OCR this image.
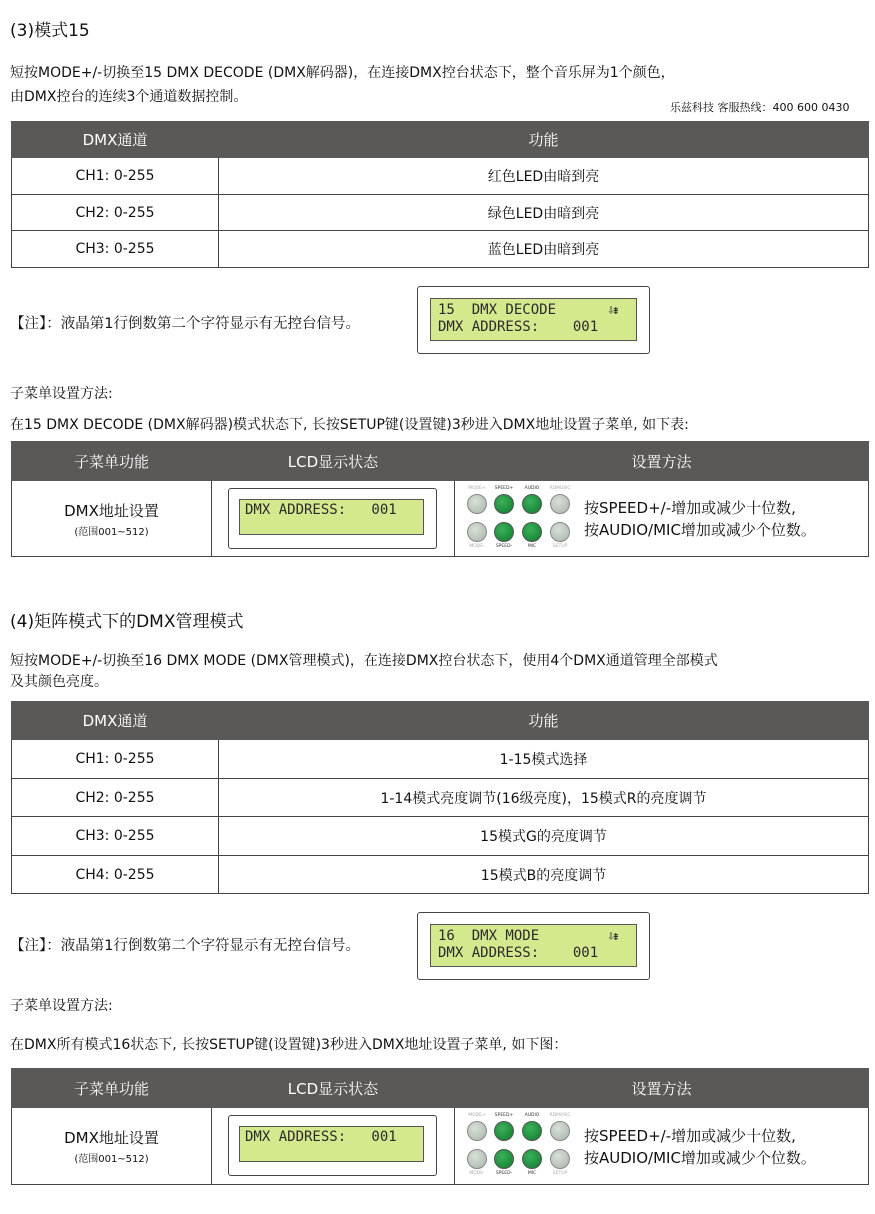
(3)模式15
短按MODE+/-切换至15 DMX DECODE (DMX解码器)，在连接DMX控台状态下，整个音乐屏为1个颜色，
由DMX控台的连续3个通道数据控制。
乐兹科技 客服热线：400 600 0430
DMX通道	功能
CH1: 0-255	红色LED由暗到亮
CH2: 0-255	绿色LED由暗到亮
CH3: 0-255	蓝色LED由暗到亮
【注】：液晶第1行倒数第二个字符显示有无控台信号。

15  DMX DECODE

	⇩⇟

DMX ADDRESS:    001

子菜单设置方法:
在15 DMX DECODE (DMX解码器)模式状态下, 长按SETUP键(设置键)3秒进入DMX地址设置子菜单, 如下表:
子菜单功能	LCD显示状态	设置方法

DMX地址设置
(范围001~512)		

DMX ADDRESS:   001

MODE+	SPEED+	AUDIO	RDMUSIC
MODE-	SPEED-	MIC	SETUP
按SPEED+/-增加或减少十位数,
按AUDIO/MIC增加或减少个位数。
(4)矩阵模式下的DMX管理模式
短按MODE+/-切换至16 DMX MODE (DMX管理模式)，在连接DMX控台状态下，使用4个DMX通道管理全部模式
及其颜色亮度。
DMX通道	功能
CH1: 0-255	1-15模式选择
CH2: 0-255	1-14模式亮度调节(16级亮度)，15模式R的亮度调节
CH3: 0-255	15模式G的亮度调节
CH4: 0-255	15模式B的亮度调节
【注】：液晶第1行倒数第二个字符显示有无控台信号。

16  DMX MODE

	⇩⇟

DMX ADDRESS:    001

子菜单设置方法:
在DMX所有模式16状态下, 长按SETUP键(设置键)3秒进入DMX地址设置子菜单, 如下图：
子菜单功能	LCD显示状态	设置方法

DMX地址设置
(范围001~512)		

DMX ADDRESS:   001

MODE+	SPEED+	AUDIO	RDMUSIC
MODE-	SPEED-	MIC	SETUP
按SPEED+/-增加或减少十位数,
按AUDIO/MIC增加或减少个位数。
